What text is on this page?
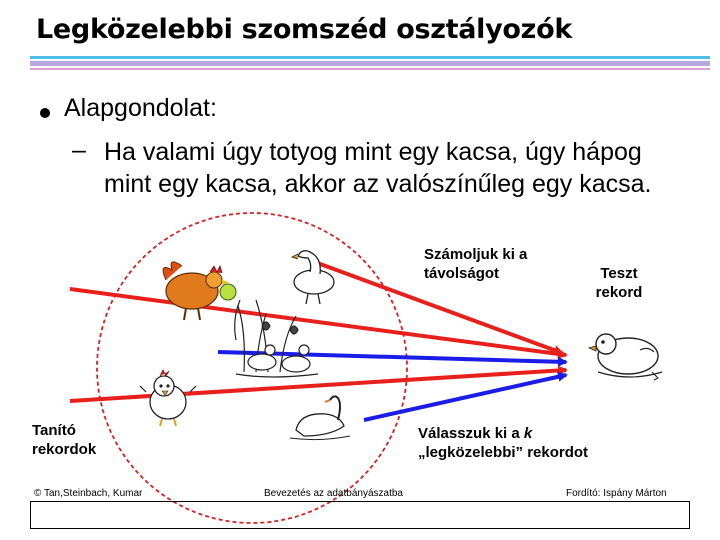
Legközelebbi szomszéd osztályozók
Alapgondolat:
– Ha valami úgy totyog mint egy kacsa, úgy hápog mint egy kacsa, akkor az valószínűleg egy kacsa.
Számoljuk ki a távolságot	Teszt rekord
Tanító rekordok
Válasszuk ki a k
„legközelebbi” rekordot
© Tan,Steinbach, Kumar	Bevezetés az adatbányászatba	Fordító: Ispány Márton
